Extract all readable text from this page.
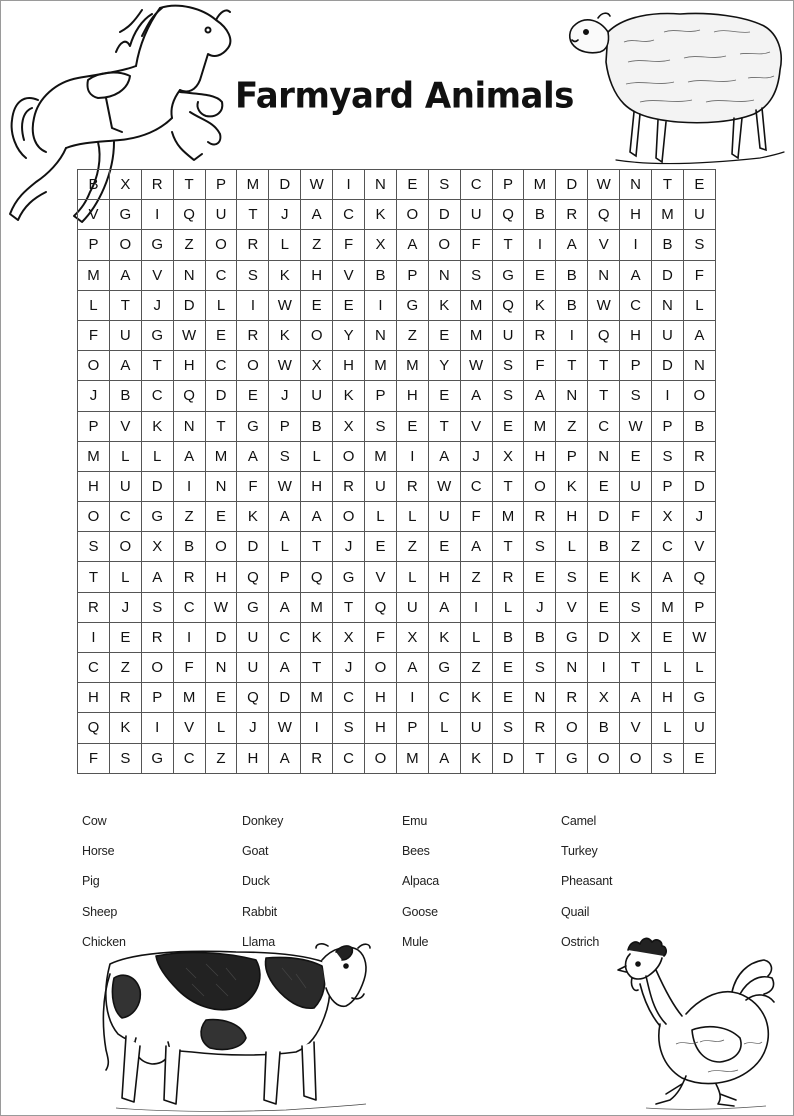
Farmyard Animals
B	X	R	T	P	M	D	W	I	N	E	S	C	P	M	D	W	N	T	E
V	G	I	Q	U	T	J	A	C	K	O	D	U	Q	B	R	Q	H	M	U
P	O	G	Z	O	R	L	Z	F	X	A	O	F	T	I	A	V	I	B	S
M	A	V	N	C	S	K	H	V	B	P	N	S	G	E	B	N	A	D	F
L	T	J	D	L	I	W	E	E	I	G	K	M	Q	K	B	W	C	N	L
F	U	G	W	E	R	K	O	Y	N	Z	E	M	U	R	I	Q	H	U	A
O	A	T	H	C	O	W	X	H	M	M	Y	W	S	F	T	T	P	D	N
J	B	C	Q	D	E	J	U	K	P	H	E	A	S	A	N	T	S	I	O
P	V	K	N	T	G	P	B	X	S	E	T	V	E	M	Z	C	W	P	B
M	L	L	A	M	A	S	L	O	M	I	A	J	X	H	P	N	E	S	R
H	U	D	I	N	F	W	H	R	U	R	W	C	T	O	K	E	U	P	D
O	C	G	Z	E	K	A	A	O	L	L	U	F	M	R	H	D	F	X	J
S	O	X	B	O	D	L	T	J	E	Z	E	A	T	S	L	B	Z	C	V
T	L	A	R	H	Q	P	Q	G	V	L	H	Z	R	E	S	E	K	A	Q
R	J	S	C	W	G	A	M	T	Q	U	A	I	L	J	V	E	S	M	P
I	E	R	I	D	U	C	K	X	F	X	K	L	B	B	G	D	X	E	W
C	Z	O	F	N	U	A	T	J	O	A	G	Z	E	S	N	I	T	L	L
H	R	P	M	E	Q	D	M	C	H	I	C	K	E	N	R	X	A	H	G
Q	K	I	V	L	J	W	I	S	H	P	L	U	S	R	O	B	V	L	U
F	S	G	C	Z	H	A	R	C	O	M	A	K	D	T	G	O	O	S	E
Cow
Horse
Pig
Sheep
Chicken
Donkey
Goat
Duck
Rabbit
Llama
Emu
Bees
Alpaca
Goose
Mule
Camel
Turkey
Pheasant
Quail
Ostrich
